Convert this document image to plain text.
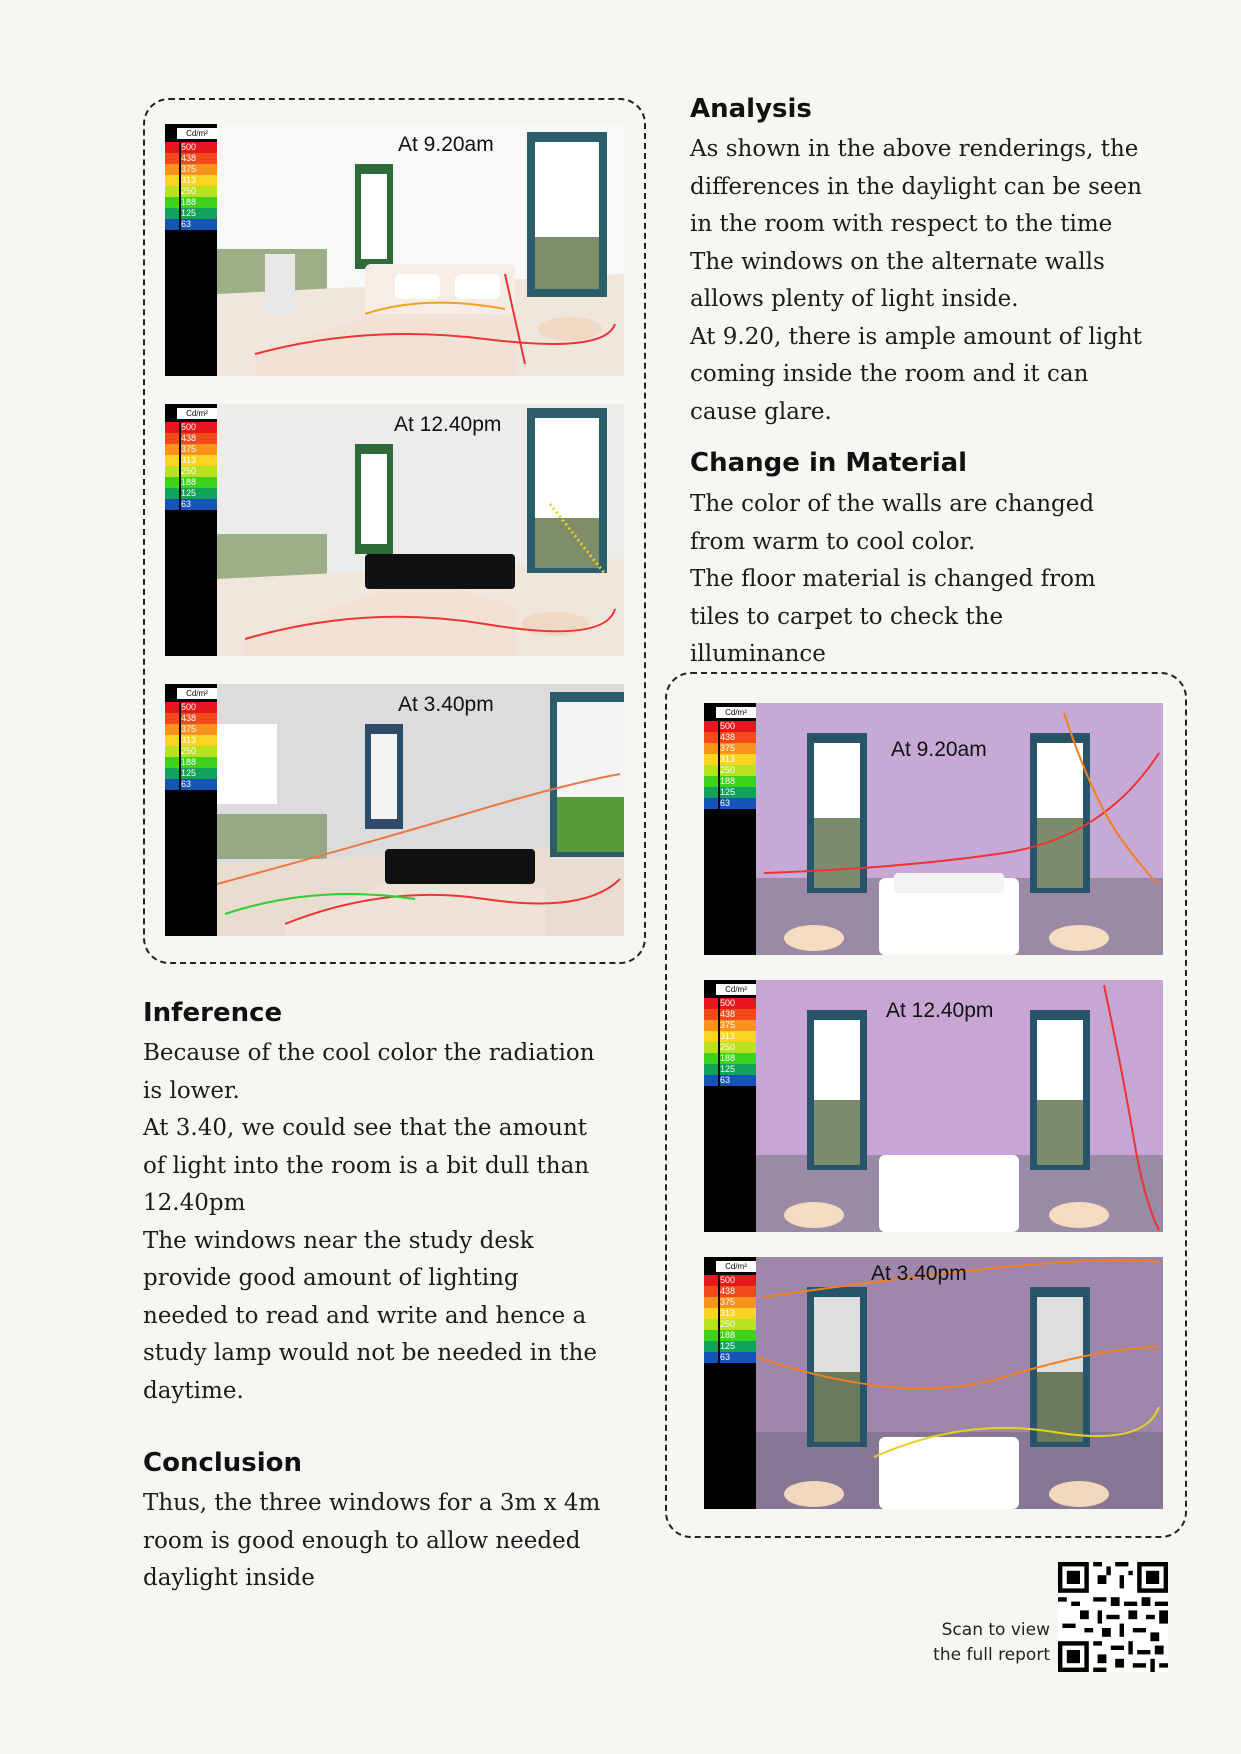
Cd/m²
500
438
375
313
250
188
125
63
At 9.20am
Cd/m²
500
438
375
313
250
188
125
63
At 12.40pm
Cd/m²
500
438
375
313
250
188
125
63
At 3.40pm	Cd/m²
500
438
375
313
250
188
125
63
At 9.20am
Cd/m²
500
438
375
313
250
188
125
63
At 12.40pm
Cd/m²
500
438
375
313
250
188
125
63
At 3.40pm
Analysis
As shown in the above renderings, the
differences in the daylight can be seen
in the room with respect to the time
The windows on the alternate walls
allows plenty of light inside.
At 9.20, there is ample amount of light
coming inside the room and it can
cause glare.
Change in Material
The color of the walls are changed
from warm to cool color.
The floor material is changed from
tiles to carpet to check the
illuminance
Inference
Because of the cool color the radiation
is lower.
At 3.40, we could see that the amount
of light into the room is a bit dull than
12.40pm
The windows near the study desk
provide good amount of lighting
needed to read and write and hence a
study lamp would not be needed in the
daytime.
Conclusion
Thus, the three windows for a 3m x 4m
room is good enough to allow needed
daylight inside
Scan to view
the full report
